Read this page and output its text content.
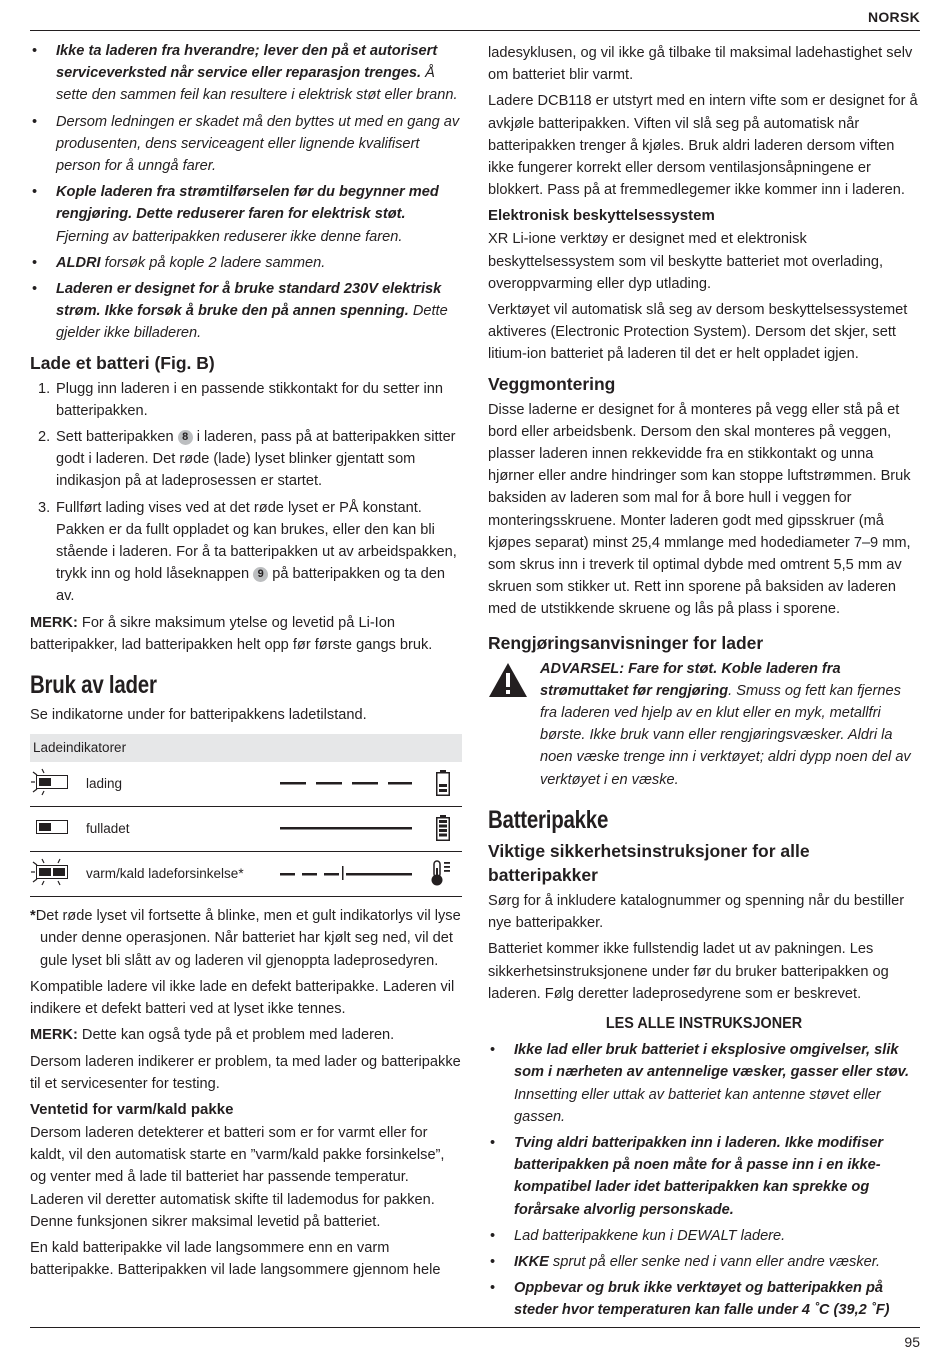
NORSK
• Ikke ta laderen fra hverandre; lever den på et autorisert serviceverksted når service eller reparasjon trenges. Å sette den sammen feil kan resultere i elektrisk støt eller brann.
• Dersom ledningen er skadet må den byttes ut med en gang av produsenten, dens serviceagent eller lignende kvalifisert person for å unngå farer.
• Kople laderen fra strømtilførselen før du begynner med rengjøring. Dette reduserer faren for elektrisk støt. Fjerning av batteripakken reduserer ikke denne faren.
• ALDRI forsøk på kople 2 ladere sammen.
• Laderen er designet for å bruke standard 230V elektrisk strøm. Ikke forsøk å bruke den på annen spenning. Dette gjelder ikke billaderen.
Lade et batteri (Fig. B)
1. Plugg inn laderen i en passende stikkontakt for du setter inn batteripakken.
2. Sett batteripakken 8 i laderen, pass på at batteripakken sitter godt i laderen. Det røde (lade) lyset blinker gjentatt som indikasjon på at ladeprosessen er startet.
3. Fullført lading vises ved at det røde lyset er PÅ konstant. Pakken er da fullt oppladet og kan brukes, eller den kan bli stående i laderen. For å ta batteripakken ut av arbeidspakken, trykk inn og hold låseknappen 9 på batteripakken og ta den av.

MERK: For å sikre maksimum ytelse og levetid på Li-Ion batteripakker, lad batteripakken helt opp før første gangs bruk.

Bruk av lader

Se indikatorne under for batteripakkens ladetilstand.

Ladeindikatorer
lading
fulladet
varm/kald ladeforsinkelse*

*Det røde lyset vil fortsette å blinke, men et gult indikatorlys vil lyse under denne operasjonen. Når batteriet har kjølt seg ned, vil det gule lyset bli slått av og laderen vil gjenoppta ladeprosedyren.

Kompatible ladere vil ikke lade en defekt batteripakke. Laderen vil indikere et defekt batteri ved at lyset ikke tennes.

MERK: Dette kan også tyde på et problem med laderen.

Dersom laderen indikerer er problem, ta med lader og batteripakke til et servicesenter for testing.

Ventetid for varm/kald pakke

Dersom laderen detekterer et batteri som er for varmt eller for kaldt, vil den automatisk starte en ”varm/kald pakke forsinkelse”, og venter med å lade til batteriet har passende temperatur. Laderen vil deretter automatisk skifte til lademodus for pakken. Denne funksjonen sikrer maksimal levetid på batteriet.

En kald batteripakke vil lade langsommere enn en varm batteripakke. Batteripakken vil lade langsommere gjennom hele

ladesyklusen, og vil ikke gå tilbake til maksimal ladehastighet selv om batteriet blir varmt.

Ladere DCB118 er utstyrt med en intern vifte som er designet for å avkjøle batteripakken. Viften vil slå seg på automatisk når batteripakken trenger å kjøles. Bruk aldri laderen dersom viften ikke fungerer korrekt eller dersom ventilasjonsåpningene er blokkert. Pass på at fremmedlegemer ikke kommer inn i laderen.

Elektronisk beskyttelsessystem

XR Li-ione verktøy er designet med et elektronisk beskyttelsessystem som vil beskytte batteriet mot overlading, overoppvarming eller dyp utlading.

Verktøyet vil automatisk slå seg av dersom beskyttelsessystemet aktiveres (Electronic Protection System). Dersom det skjer, sett litium-ion batteriet på laderen til det er helt oppladet igjen.

Veggmontering

Disse laderne er designet for å monteres på vegg eller stå på et bord eller arbeidsbenk. Dersom den skal monteres på veggen, plasser laderen innen rekkevidde fra en stikkontakt og unna hjørner eller andre hindringer som kan stoppe luftstrømmen. Bruk baksiden av laderen som mal for å bore hull i veggen for monteringsskruene. Monter laderen godt med gipsskruer (må kjøpes separat) minst 25,4 mmlange med hodediameter 7–9 mm, som skrus inn i treverk til optimal dybde med omtrent 5,5 mm av skruen som stikker ut. Rett inn sporene på baksiden av laderen med de utstikkende skruene og lås på plass i sporene.

Rengjøringsanvisninger for lader

ADVARSEL: Fare for støt. Koble laderen fra strømuttaket før rengjøring. Smuss og fett kan fjernes fra laderen ved hjelp av en klut eller en myk, metallfri børste. Ikke bruk vann eller rengjøringsvæsker. Aldri la noen væske trenge inn i verktøyet; aldri dypp noen del av verktøyet i en væske.

Batteripakke
Viktige sikkerhetsinstruksjoner for alle batteripakker

Sørg for å inkludere katalognummer og spenning når du bestiller nye batteripakker.

Batteriet kommer ikke fullstendig ladet ut av pakningen. Les sikkerhetsinstruksjonene under før du bruker batteripakken og laderen. Følg deretter ladeprosedyrene som er beskrevet.

LES ALLE INSTRUKSJONER
• Ikke lad eller bruk batteriet i eksplosive omgivelser, slik som i nærheten av antennelige væsker, gasser eller støv. Innsetting eller uttak av batteriet kan antenne støvet eller gassen.
• Tving aldri batteripakken inn i laderen. Ikke modifiser batteripakken på noen måte for å passe inn i en ikke-kompatibel lader idet batteripakken kan sprekke og forårsake alvorlig personskade.
• Lad batteripakkene kun i DEWALT ladere.
• IKKE sprut på eller senke ned i vann eller andre væsker.
• Oppbevar og bruk ikke verktøyet og batteripakken på steder hvor temperaturen kan falle under 4 ˚C (39,2 ˚F)
95
